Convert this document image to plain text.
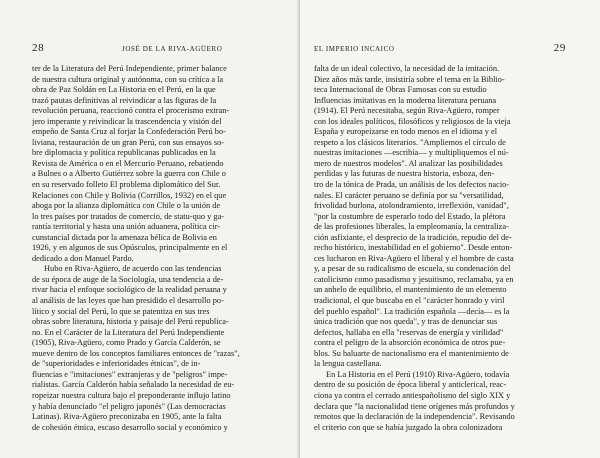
28	JOSÉ DE LA RIVA-AGÜERO
ter de la Literatura del Perú Independiente, primer balance
de nuestra cultura original y autónoma, con su crítica a la
obra de Paz Soldán en La Historia en el Perú, en la que
trazó pautas definitivas al reivindicar a las figuras de la
revolución peruana, reaccionó contra el procerismo extran-
jero imperante y reivindicar la trascendencia y visión del
empeño de Santa Cruz al forjar la Confederación Perú bo-
liviana, restauración de un gran Perú, con sus ensayos so-
bre diplomacia y política republicanas publicados en la
Revista de América o en el Mercurio Peruano, rebatiendo
a Bulnes o a Alberto Gutiérrez sobre la guerra con Chile o
en su reservado folleto El problema diplomático del Sur.
Relaciones con Chile y Bolivia (Corrillos, 1932) en el que
aboga por la alianza diplomática con Chile o la unión de
lo tres países por tratados de comercio, de statu-quo y ga-
rantía territorial y hasta una unión aduanera, política cir-
cunstancial dictada por la amenaza bélica de Bolivia en
1926, y en algunos de sus Opúsculos, principalmente en el
dedicado a don Manuel Pardo.
Hubo en Riva-Agüero, de acuerdo con las tendencias
de su época de auge de la Sociología, una tendencia a de-
rivar hacia el enfoque sociológico de la realidad peruana y
al análisis de las leyes que han presidido el desarrollo po-
lítico y social del Perú, lo que se patentiza en sus tres
obras sobre literatura, historia y paisaje del Perú republica-
no. En el Carácter de la Literatura del Perú Independiente
(1905), Riva-Agüero, como Prado y García Calderón, se
mueve dentro de los conceptos familiares entonces de "razas",
de "superioridades e inferioridades étnicas", de in-
fluencias e "imitaciones" extranjeras y de "peligros" impe-
rialistas. García Calderón había señalado la necesidad de eu-
ropeizar nuestra cultura bajo el preponderante influjo latino
y había denunciado "el peligro japonés" (Las democracias
Latinas). Riva-Agüero preconizaba en 1905, ante la falta
de cohesión étnica, escaso desarrollo social y económico y
EL IMPERIO INCAICO	29
falta de un ideal colectivo, la necesidad de la imitación.
Diez años más tarde, insistiría sobre el tema en la Biblio-
teca Internacional de Obras Famosas con su estudio
Influencias imitativas en la moderna literatura peruana
(1914). El Perú necesitaba, según Riva-Agüero, romper
con los ideales políticos, filosóficos y religiosos de la vieja
España y europeizarse en todo menos en el idioma y el
respeto a los clásicos literarios. "Ampliemos el círculo de
nuestras imitaciones —escribía— y multipliquemos el nú-
mero de nuestros modelos". Al analizar las posibilidades
perdidas y las futuras de nuestra historia, esboza, den-
tro de la tónica de Prada, un análisis de los defectos nacio-
nales. El carácter peruano se definía por su "versatilidad,
frivolidad burlona, atolondramiento, irreflexión, vanidad",
"por la costumbre de esperarlo todo del Estado, la plétora
de las profesiones liberales, la empleomanía, la centraliza-
ción asfixiante, el desprecio de la tradición, repudio del de-
recho histórico, inestabilidad en el gobierno". Desde enton-
ces lucharon en Riva-Agüero el liberal y el hombre de casta
y, a pesar de su radicalismo de escuela, su condenación del
catolicismo como pasadismo y jesuitismo, reclamaba, ya en
un anhelo de equilibrio, el mantenimiento de un elemento
tradicional, el que buscaba en el "carácter honrado y viril
del pueblo español". La tradición española —decía— es la
única tradición que nos queda", y tras de denunciar sus
defectos, hallaba en ella "reservas de energía y virilidad"
contra el peligro de la absorción económica de otros pue-
blos. Su baluarte de nacionalismo era el mantenimiento de
la lengua castellana.
En La Historia en el Perú (1910) Riva-Agüero, todavía
dentro de su posición de época liberal y anticlerical, reac-
ciona ya contra el cerrado antiespañolismo del siglo XIX y
declara que "la nacionalidad tiene orígenes más profundos y
remotos que la declaración de la independencia". Revisando
el criterio con que se había juzgado la obra colonizadora
